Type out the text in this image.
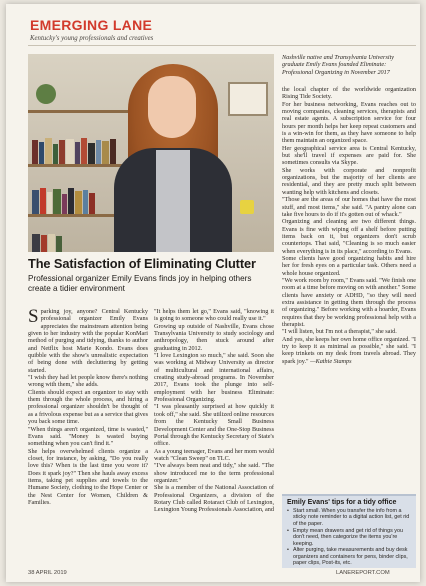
EMERGING LANE
Kentucky's young professionals and creatives
Nashville native and Transylvania University graduate Emily Evans founded Eliminate: Professional Organizing in November 2017
The Satisfaction of Eliminating Clutter
Professional organizer Emily Evans finds joy in helping others create a tidier environment

Sparking joy, anyone? Central Kentucky professional organizer Emily Evans appreciates the mainstream attention being given to her industry with the popular KonMari method of purging and tidying, thanks to author and Netflix host Marie Kondo. Evans does quibble with the show's unrealistic expectation of being done with decluttering by getting started.

"I wish they had let people know there's nothing wrong with them," she adds.

Clients should expect an organizer to stay with them through the whole process, and hiring a professional organizer shouldn't be thought of as a frivolous expense but as a service that gives you back some time.

"When things aren't organized, time is wasted," Evans said. "Money is wasted buying something when you can't find it."

She helps overwhelmed clients organize a closet, for instance, by asking, "Do you really love this? When is the last time you wore it? Does it spark joy?" Then she hauls away excess items, taking pet supplies and towels to the Humane Society, clothing to the Hope Center or the Nest Center for Women, Children & Families.

"It helps them let go," Evans said, "knowing it is going to someone who could really use it."

Growing up outside of Nashville, Evans chose Transylvania University to study sociology and anthropology, then stuck around after graduating in 2012.

"I love Lexington so much," she said. Soon she was working at Midway University as director of multicultural and international affairs, creating study-abroad programs. In November 2017, Evans took the plunge into self-employment with her business Eliminate: Professional Organizing.

"I was pleasantly surprised at how quickly it took off," she said. She utilized online resources from the Kentucky Small Business Development Center and the One-Stop Business Portal through the Kentucky Secretary of State's office.

As a young teenager, Evans and her mom would watch "Clean Sweep" on TLC.

"I've always been neat and tidy," she said. "The show introduced me to the term professional organizer."

She is a member of the National Association of Professional Organizers, a division of the Rotary Club called Rotaract Club of Lexington, Lexington Young Professionals Association, and

the local chapter of the worldwide organization Rising Tide Society.

For her business networking, Evans reaches out to moving companies, cleaning services, therapists and real estate agents. A subscription service for four hours per month helps her keep repeat customers and is a win-win for them, as they have someone to help them maintain an organized space.

Her geographical service area is Central Kentucky, but she'll travel if expenses are paid for. She sometimes consults via Skype.

She works with corporate and nonprofit organizations, but the majority of her clients are residential, and they are pretty much split between wanting help with kitchens and closets.

"Those are the areas of our homes that have the most stuff, and most items," she said. "A pantry alone can take five hours to do if it's gotten out of whack."

Organizing and cleaning are two different things. Evans is fine with wiping off a shelf before putting items back on it, but organizers don't scrub countertops. That said, "Cleaning is so much easier when everything is in its place," according to Evans.

Some clients have good organizing habits and hire her for fresh eyes on a particular task. Others need a whole house organized.

"We work room by room," Evans said. "We finish one room at a time before moving on with another." Some clients have anxiety or ADHD, "so they will need extra assistance in getting them through the process of organizing." Before working with a hoarder, Evans requires that they be working professional help with a therapist.

"I will listen, but I'm not a therapist," she said.

And yes, she keeps her own home office organized. "I try to keep it as minimal as possible," she said. "I keep trinkets on my desk from travels abroad. They spark joy." —Kathie Stamps

Emily Evans' tips for a tidy office
• Start small. When you transfer the info from a sticky note reminder to a digital action list, get rid of the paper.
• Empty mean drawers and get rid of things you don't need, then categorize the items you're keeping.
• Alter purging, take measurements and buy desk organizers and containers for pens, binder clips, paper clips, Post-its, etc.
38 APRIL 2019	LANEREPORT.COM
